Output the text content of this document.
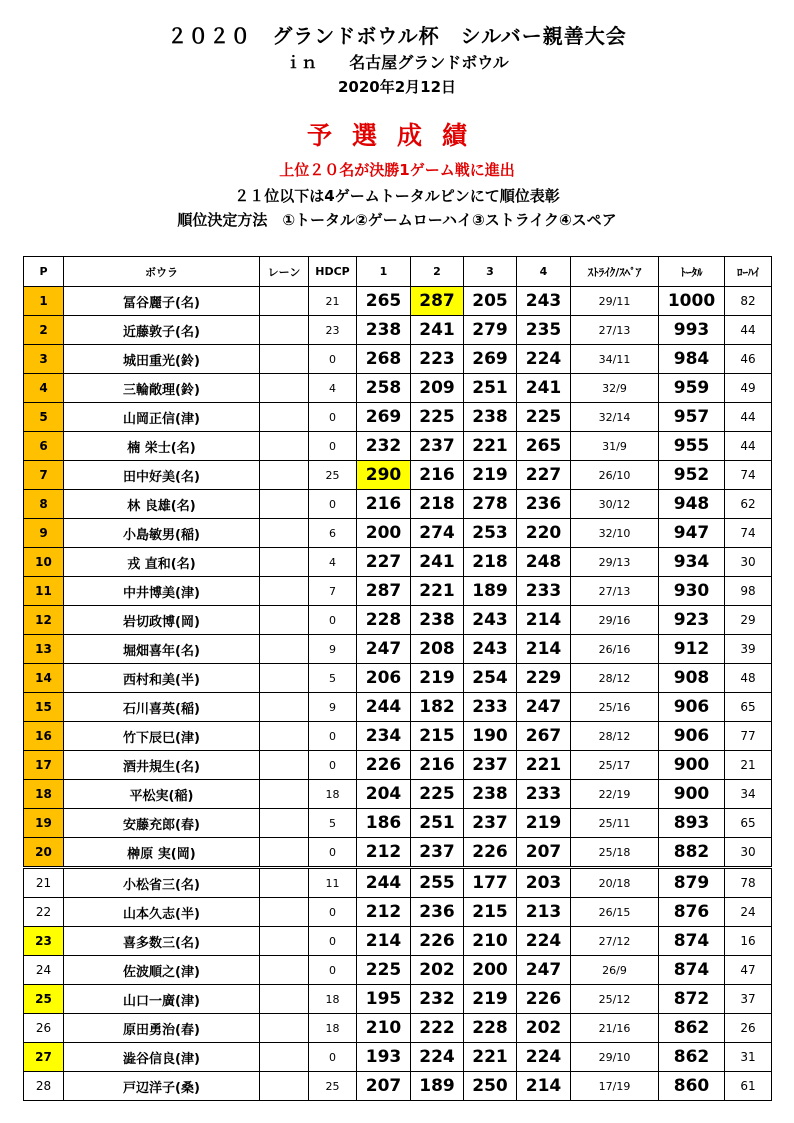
２０２０　グランドボウル杯　シルバー親善大会
ｉｎ　　名古屋グランドボウル
2020年2月12日
予選成績
上位２０名が決勝1ゲーム戦に進出
２１位以下は4ゲームトータルピンにて順位表彰
順位決定方法　①トータル②ゲームローハイ③ストライク④スペア
P	ボウラ	レーン	HDCP	1	2	3	4	ｽﾄﾗｲｸ/ｽﾍﾟｱ	ﾄｰﾀﾙ	ﾛｰﾊｲ
1	冨谷麗子(名)		21	265	287	205	243	29/11	1000	82
2	近藤敦子(名)		23	238	241	279	235	27/13	993	44
3	城田重光(鈴)		0	268	223	269	224	34/11	984	46
4	三輪敞理(鈴)		4	258	209	251	241	32/9	959	49
5	山岡正信(津)		0	269	225	238	225	32/14	957	44
6	楠 栄士(名)		0	232	237	221	265	31/9	955	44
7	田中好美(名)		25	290	216	219	227	26/10	952	74
8	林 良雄(名)		0	216	218	278	236	30/12	948	62
9	小島敏男(稲)		6	200	274	253	220	32/10	947	74
10	戎 直和(名)		4	227	241	218	248	29/13	934	30
11	中井博美(津)		7	287	221	189	233	27/13	930	98
12	岩切政博(岡)		0	228	238	243	214	29/16	923	29
13	堀畑喜年(名)		9	247	208	243	214	26/16	912	39
14	西村和美(半)		5	206	219	254	229	28/12	908	48
15	石川喜英(稲)		9	244	182	233	247	25/16	906	65
16	竹下辰巳(津)		0	234	215	190	267	28/12	906	77
17	酒井規生(名)		0	226	216	237	221	25/17	900	21
18	平松実(稲)		18	204	225	238	233	22/19	900	34
19	安藤充郎(春)		5	186	251	237	219	25/11	893	65
20	榊原 実(岡)		0	212	237	226	207	25/18	882	30
21	小松省三(名)		11	244	255	177	203	20/18	879	78
22	山本久志(半)		0	212	236	215	213	26/15	876	24
23	喜多数三(名)		0	214	226	210	224	27/12	874	16
24	佐波順之(津)		0	225	202	200	247	26/9	874	47
25	山口一廣(津)		18	195	232	219	226	25/12	872	37
26	原田勇治(春)		18	210	222	228	202	21/16	862	26
27	澁谷信良(津)		0	193	224	221	224	29/10	862	31
28	戸辺洋子(桑)		25	207	189	250	214	17/19	860	61
